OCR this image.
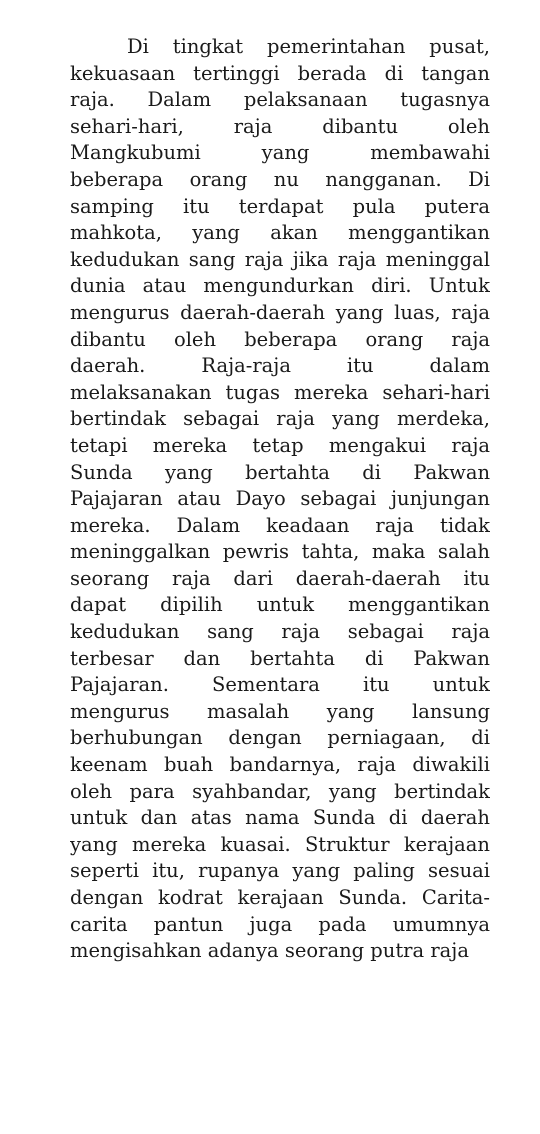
Di tingkat pemerintahan pusat,
kekuasaan tertinggi berada di tangan
raja. Dalam pelaksanaan tugasnya
sehari-hari, raja dibantu oleh
Mangkubumi yang membawahi
beberapa orang nu nangganan. Di
samping itu terdapat pula putera
mahkota, yang akan menggantikan
kedudukan sang raja jika raja meninggal
dunia atau mengundurkan diri. Untuk
mengurus daerah-daerah yang luas, raja
dibantu oleh beberapa orang raja
daerah. Raja-raja itu dalam
melaksanakan tugas mereka sehari-hari
bertindak sebagai raja yang merdeka,
tetapi mereka tetap mengakui raja
Sunda yang bertahta di Pakwan
Pajajaran atau Dayo sebagai junjungan
mereka. Dalam keadaan raja tidak
meninggalkan pewris tahta, maka salah
seorang raja dari daerah-daerah itu
dapat dipilih untuk menggantikan
kedudukan sang raja sebagai raja
terbesar dan bertahta di Pakwan
Pajajaran. Sementara itu untuk
mengurus masalah yang lansung
berhubungan dengan perniagaan, di
keenam buah bandarnya, raja diwakili
oleh para syahbandar, yang bertindak
untuk dan atas nama Sunda di daerah
yang mereka kuasai. Struktur kerajaan
seperti itu, rupanya yang paling sesuai
dengan kodrat kerajaan Sunda. Carita-
carita pantun juga pada umumnya
mengisahkan adanya seorang putra raja
